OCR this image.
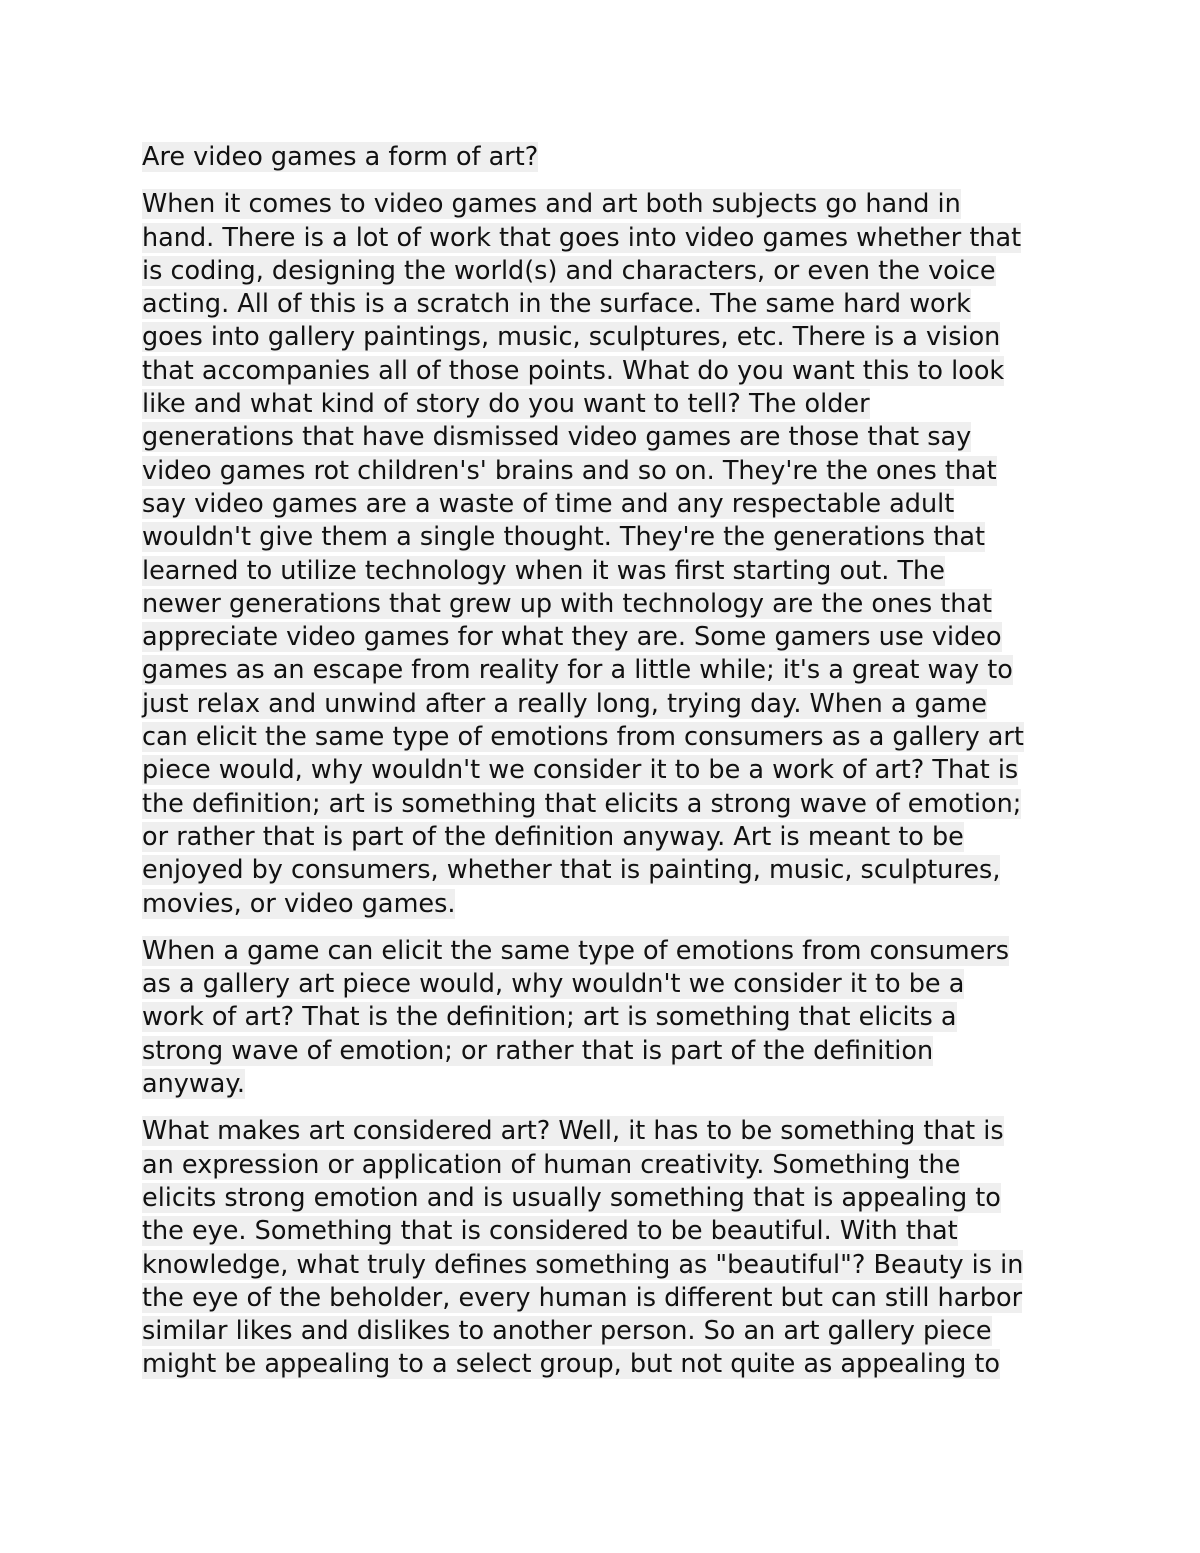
Are video games a form of art?
When it comes to video games and art both subjects go hand in
hand. There is a lot of work that goes into video games whether that
is coding, designing the world(s) and characters, or even the voice
acting. All of this is a scratch in the surface. The same hard work
goes into gallery paintings, music, sculptures, etc. There is a vision
that accompanies all of those points. What do you want this to look
like and what kind of story do you want to tell? The older
generations that have dismissed video games are those that say
video games rot children's' brains and so on. They're the ones that
say video games are a waste of time and any respectable adult
wouldn't give them a single thought. They're the generations that
learned to utilize technology when it was first starting out. The
newer generations that grew up with technology are the ones that
appreciate video games for what they are. Some gamers use video
games as an escape from reality for a little while; it's a great way to
just relax and unwind after a really long, trying day. When a game
can elicit the same type of emotions from consumers as a gallery art
piece would, why wouldn't we consider it to be a work of art? That is
the definition; art is something that elicits a strong wave of emotion;
or rather that is part of the definition anyway. Art is meant to be
enjoyed by consumers, whether that is painting, music, sculptures,
movies, or video games.
When a game can elicit the same type of emotions from consumers
as a gallery art piece would, why wouldn't we consider it to be a
work of art? That is the definition; art is something that elicits a
strong wave of emotion; or rather that is part of the definition
anyway.
What makes art considered art? Well, it has to be something that is
an expression or application of human creativity. Something the
elicits strong emotion and is usually something that is appealing to
the eye. Something that is considered to be beautiful. With that
knowledge, what truly defines something as "beautiful"? Beauty is in
the eye of the beholder, every human is different but can still harbor
similar likes and dislikes to another person. So an art gallery piece
might be appealing to a select group, but not quite as appealing to
